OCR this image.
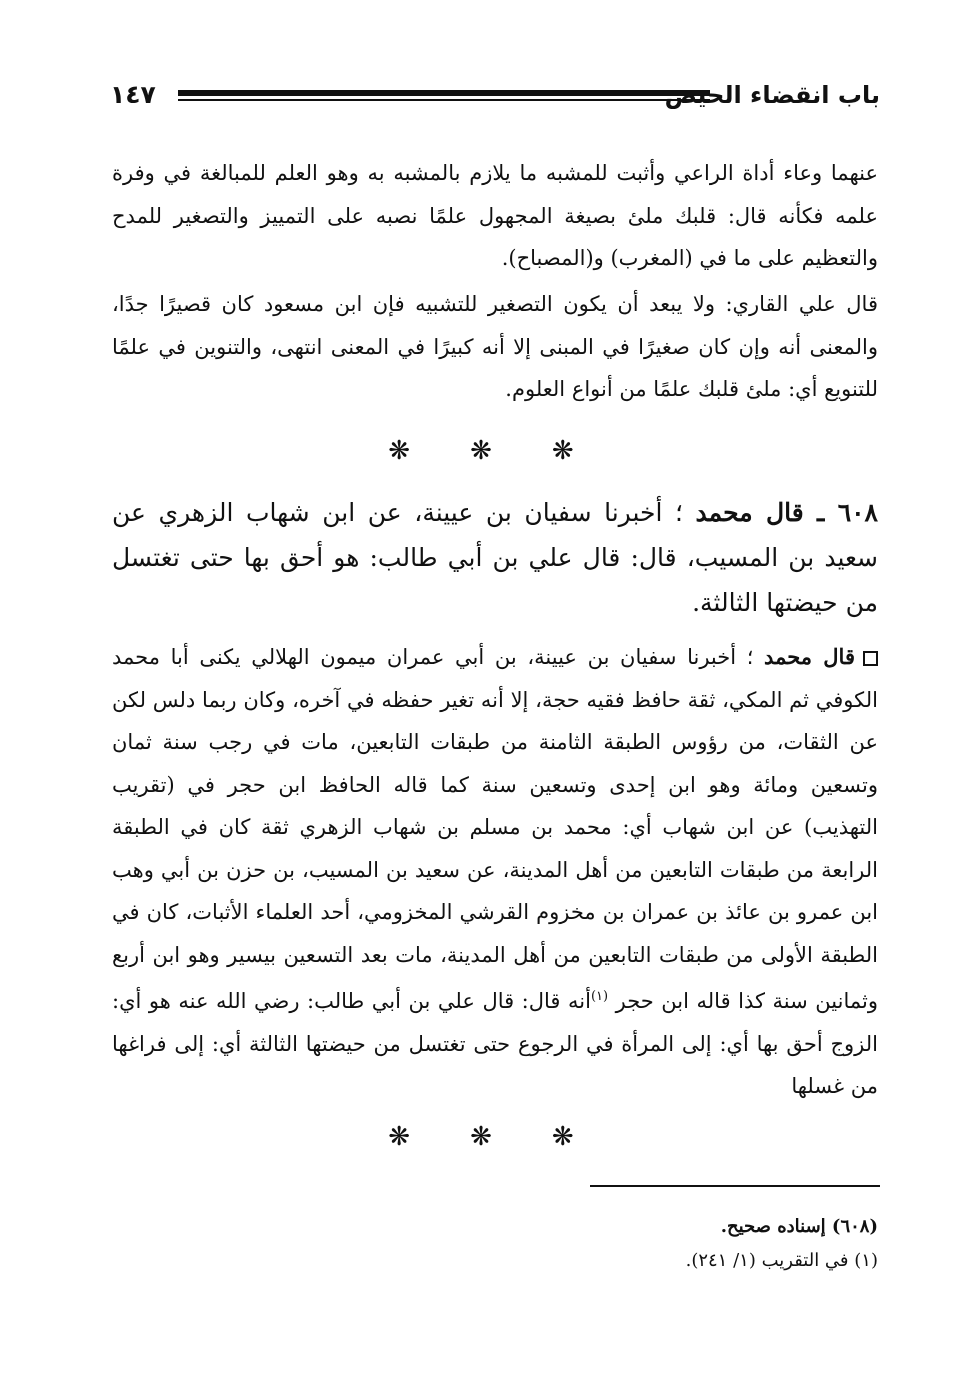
باب انقضاء الحيض
١٤٧

عنهما وعاء أداة الراعي وأثبت للمشبه ما يلازم بالمشبه به وهو العلم للمبالغة في وفرة علمه فكأنه قال: قلبك ملئ بصيغة المجهول علمًا نصبه على التمييز والتصغير للمدح والتعظيم على ما في (المغرب) و(المصباح).

قال علي القاري: ولا يبعد أن يكون التصغير للتشبيه فإن ابن مسعود كان قصيرًا جدًا، والمعنى أنه وإن كان صغيرًا في المبنى إلا أنه كبيرًا في المعنى انتهى، والتنوين في علمًا للتنويع أي: ملئ قلبك علمًا من أنواع العلوم.

❋ ❋ ❋

٦٠٨ ـ قال محمد ؛ أخبرنا سفيان بن عيينة، عن ابن شهاب الزهري عن سعيد بن المسيب، قال: قال علي بن أبي طالب: هو أحق بها حتى تغتسل من حيضتها الثالثة.

قال محمد ؛ أخبرنا سفيان بن عيينة، بن أبي عمران ميمون الهلالي يكنى أبا محمد الكوفي ثم المكي، ثقة حافظ فقيه حجة، إلا أنه تغير حفظه في آخره، وكان ربما دلس لكن عن الثقات، من رؤوس الطبقة الثامنة من طبقات التابعين، مات في رجب سنة ثمان وتسعين ومائة وهو ابن إحدى وتسعين سنة كما قاله الحافظ ابن حجر في (تقريب التهذيب) عن ابن شهاب أي: محمد بن مسلم بن شهاب الزهري ثقة كان في الطبقة الرابعة من طبقات التابعين من أهل المدينة، عن سعيد بن المسيب، بن حزن بن أبي وهب ابن عمرو بن عائذ بن عمران بن مخزوم القرشي المخزومي، أحد العلماء الأثبات، كان في الطبقة الأولى من طبقات التابعين من أهل المدينة، مات بعد التسعين بيسير وهو ابن أربع وثمانين سنة كذا قاله ابن حجر $^{(١)}$أنه قال: قال علي بن أبي طالب: رضي الله عنه هو أي: الزوج أحق بها أي: إلى المرأة في الرجوع حتى تغتسل من حيضتها الثالثة أي: إلى فراغها من غسلها

❋ ❋ ❋

(٦٠٨) إسناده صحيح.

(١) في التقريب (١/ ٢٤١).
